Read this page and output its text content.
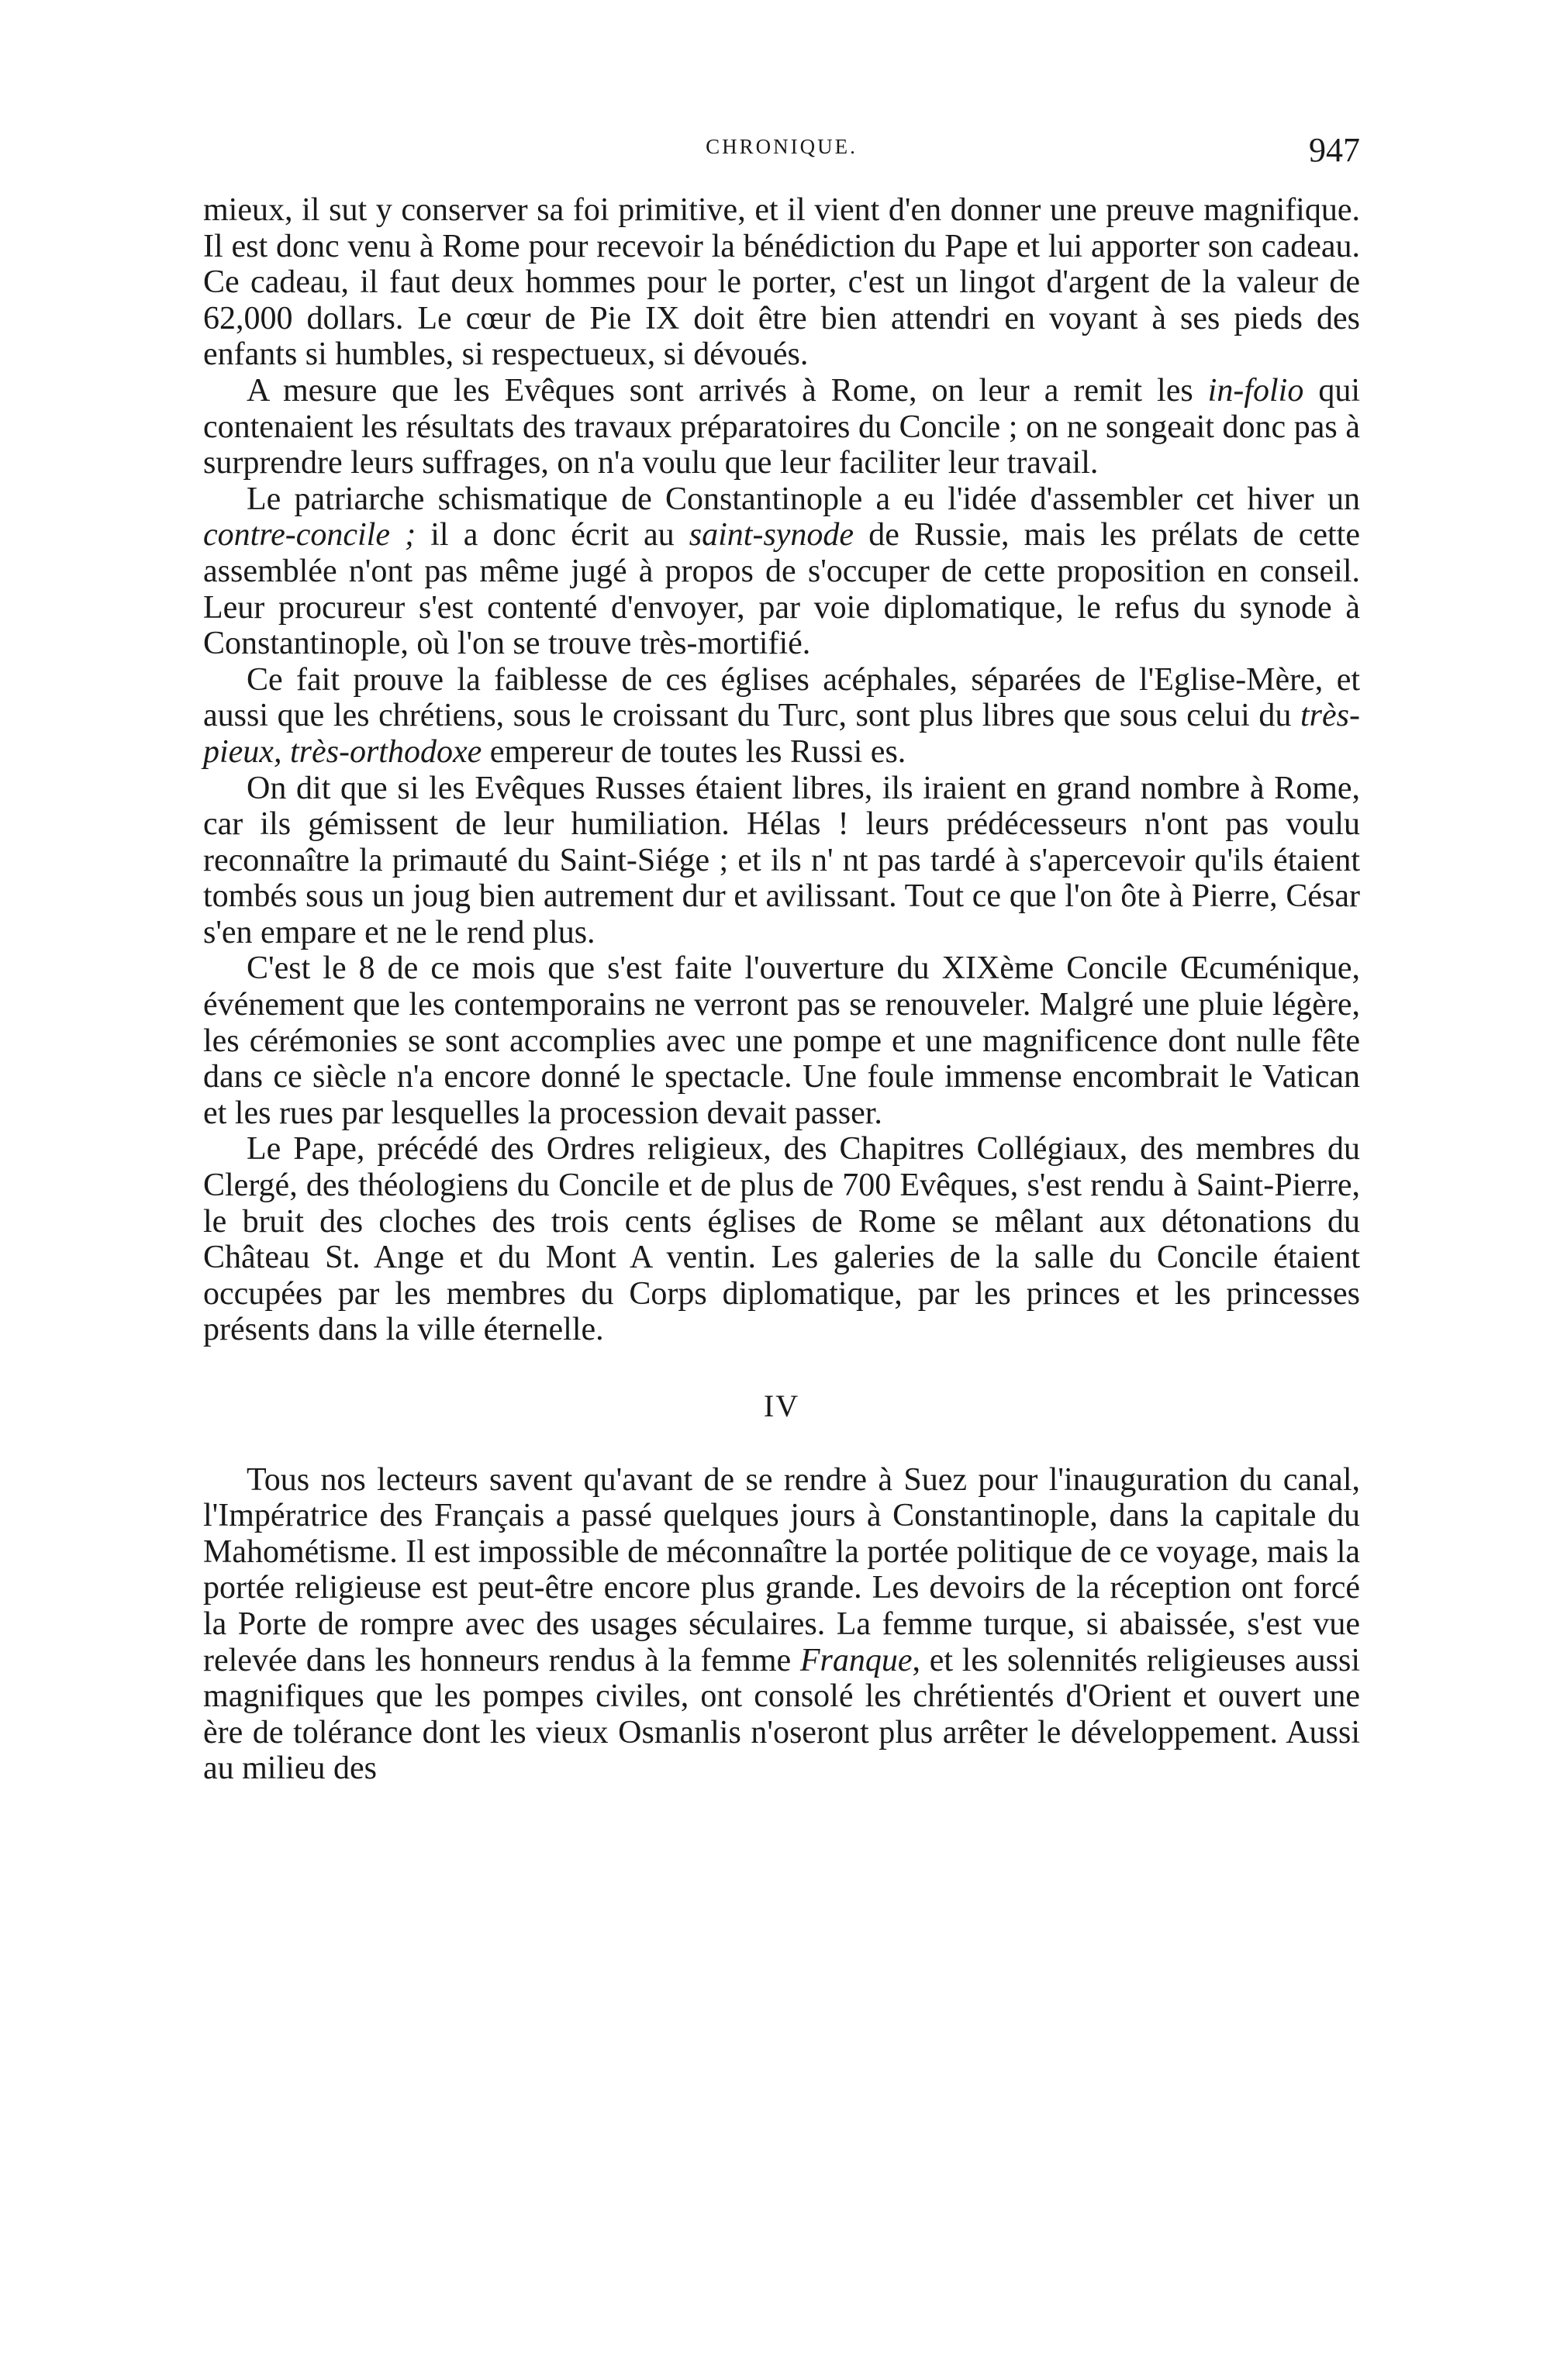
CHRONIQUE.	947

mieux, il sut y conserver sa foi primitive, et il vient d'en donner une preuve magnifique. Il est donc venu à Rome pour recevoir la bénédiction du Pape et lui apporter son cadeau. Ce cadeau, il faut deux hommes pour le porter, c'est un lingot d'argent de la valeur de 62,000 dollars. Le cœur de Pie IX doit être bien attendri en voyant à ses pieds des enfants si humbles, si respectueux, si dévoués.

A mesure que les Evêques sont arrivés à Rome, on leur a remit les in-folio qui contenaient les résultats des travaux préparatoires du Concile ; on ne songeait donc pas à surprendre leurs suffrages, on n'a voulu que leur faciliter leur travail.

Le patriarche schismatique de Constantinople a eu l'idée d'assembler cet hiver un contre-concile ; il a donc écrit au saint-synode de Russie, mais les prélats de cette assemblée n'ont pas même jugé à propos de s'occuper de cette proposition en conseil. Leur procureur s'est contenté d'envoyer, par voie diplomatique, le refus du synode à Constantinople, où l'on se trouve très-mortifié.

Ce fait prouve la faiblesse de ces églises acéphales, séparées de l'Eglise-Mère, et aussi que les chrétiens, sous le croissant du Turc, sont plus libres que sous celui du très-pieux, très-orthodoxe empereur de toutes les Russi es.

On dit que si les Evêques Russes étaient libres, ils iraient en grand nombre à Rome, car ils gémissent de leur humiliation. Hélas ! leurs prédécesseurs n'ont pas voulu reconnaître la primauté du Saint-Siége ; et ils n' nt pas tardé à s'apercevoir qu'ils étaient tombés sous un joug bien autrement dur et avilissant. Tout ce que l'on ôte à Pierre, César s'en empare et ne le rend plus.

C'est le 8 de ce mois que s'est faite l'ouverture du XIXème Concile Œcuménique, événement que les contemporains ne verront pas se renouveler. Malgré une pluie légère, les cérémonies se sont accomplies avec une pompe et une magnificence dont nulle fête dans ce siècle n'a encore donné le spectacle. Une foule immense encombrait le Vatican et les rues par lesquelles la procession devait passer.

Le Pape, précédé des Ordres religieux, des Chapitres Collégiaux, des membres du Clergé, des théologiens du Concile et de plus de 700 Evêques, s'est rendu à Saint-Pierre, le bruit des cloches des trois cents églises de Rome se mêlant aux détonations du Château St. Ange et du Mont A ventin. Les galeries de la salle du Concile étaient occupées par les membres du Corps diplomatique, par les princes et les princesses présents dans la ville éternelle.

IV

Tous nos lecteurs savent qu'avant de se rendre à Suez pour l'inauguration du canal, l'Impératrice des Français a passé quelques jours à Constantinople, dans la capitale du Mahométisme. Il est impossible de méconnaître la portée politique de ce voyage, mais la portée religieuse est peut-être encore plus grande. Les devoirs de la réception ont forcé la Porte de rompre avec des usages séculaires. La femme turque, si abaissée, s'est vue relevée dans les honneurs rendus à la femme Franque, et les solennités religieuses aussi magnifiques que les pompes civiles, ont consolé les chrétientés d'Orient et ouvert une ère de tolérance dont les vieux Osmanlis n'oseront plus arrêter le développement. Aussi au milieu des
